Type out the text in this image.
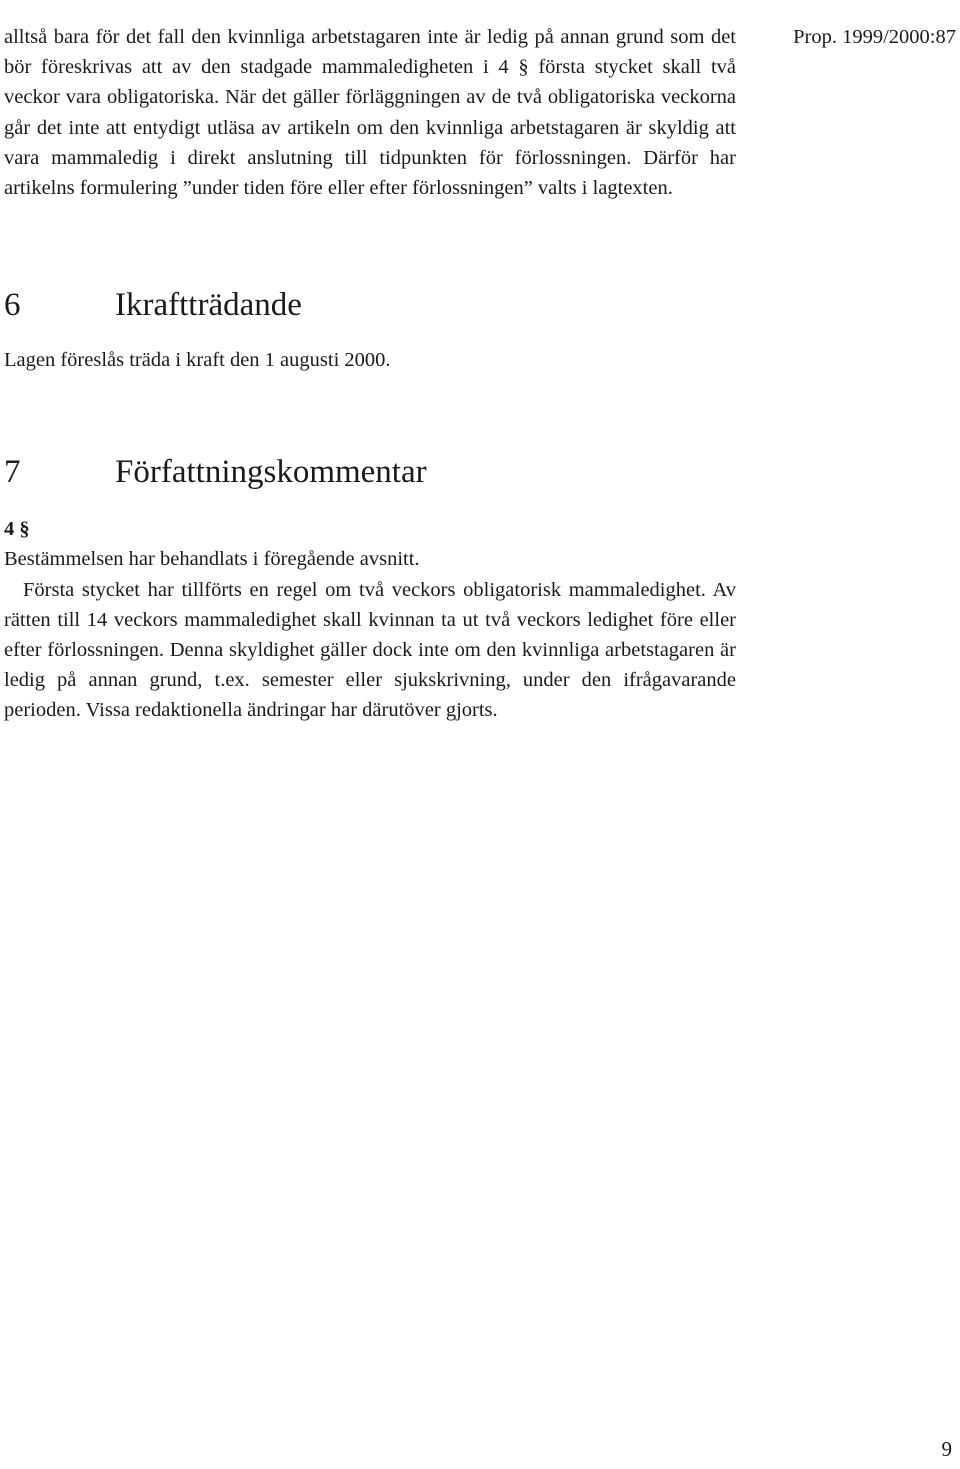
Prop. 1999/2000:87

alltså bara för det fall den kvinnliga arbetstagaren inte är ledig på annan grund som det bör föreskrivas att av den stadgade mammaledigheten i 4 § första stycket skall två veckor vara obligatoriska. När det gäller förläggningen av de två obligatoriska veckorna går det inte att entydigt utläsa av artikeln om den kvinnliga arbetstagaren är skyldig att vara mammaledig i direkt anslutning till tidpunkten för förlossningen. Därför har artikelns formulering ”under tiden före eller efter förlossningen” valts i lagtexten.

6	Ikraftträdande

Lagen föreslås träda i kraft den 1 augusti 2000.

7	Författningskommentar
4 §

Bestämmelsen har behandlats i föregående avsnitt.

Första stycket har tillförts en regel om två veckors obligatorisk mammaledighet. Av rätten till 14 veckors mammaledighet skall kvinnan ta ut två veckors ledighet före eller efter förlossningen. Denna skyldighet gäller dock inte om den kvinnliga arbetstagaren är ledig på annan grund, t.ex. semester eller sjukskrivning, under den ifrågavarande perioden. Vissa redaktionella ändringar har därutöver gjorts.

9
